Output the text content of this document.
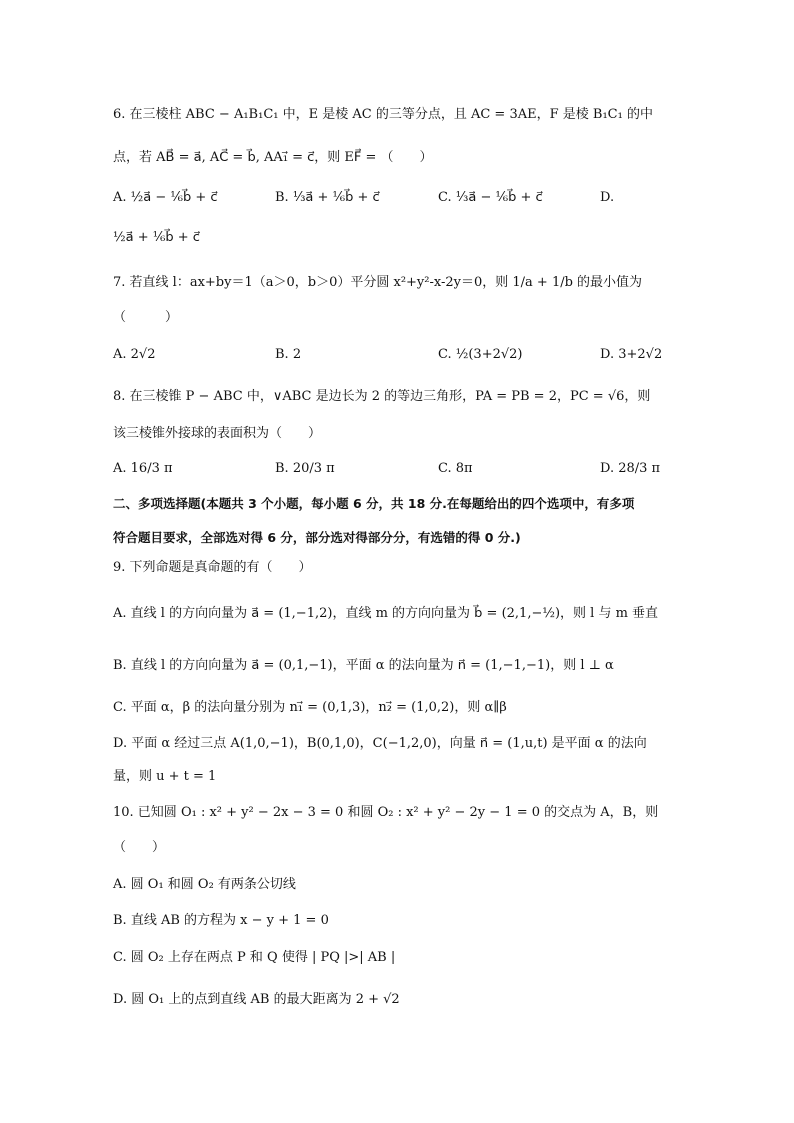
6. 在三棱柱 ABC − A₁B₁C₁ 中，E 是棱 AC 的三等分点，且 AC = 3AE，F 是棱 B₁C₁ 的中
点，若 AB⃗ = a⃗, AC⃗ = b⃗, AA₁⃗ = c⃗，则 EF⃗ = （　　）
A. ½a⃗ − ⅙b⃗ + c⃗	B. ⅓a⃗ + ⅙b⃗ + c⃗	C. ⅓a⃗ − ⅙b⃗ + c⃗	D.
½a⃗ + ⅙b⃗ + c⃗
7. 若直线 l：ax+by＝1（a＞0，b＞0）平分圆 x²+y²-x-2y＝0，则 1/a + 1/b 的最小值为
（　　　）
A. 2√2	B. 2	C. ½(3+2√2)	D. 3+2√2
8. 在三棱锥 P − ABC 中，∨ABC 是边长为 2 的等边三角形，PA = PB = 2，PC = √6，则
该三棱锥外接球的表面积为（　　）
A. 16/3 π	B. 20/3 π	C. 8π	D. 28/3 π
二、多项选择题(本题共 3 个小题，每小题 6 分，共 18 分.在每题给出的四个选项中，有多项
符合题目要求，全部选对得 6 分，部分选对得部分分，有选错的得 0 分.)
9. 下列命题是真命题的有（　　）
A. 直线 l 的方向向量为 a⃗ = (1,−1,2)，直线 m 的方向向量为 b⃗ = (2,1,−½)，则 l 与 m 垂直
B. 直线 l 的方向向量为 a⃗ = (0,1,−1)，平面 α 的法向量为 n⃗ = (1,−1,−1)，则 l ⊥ α
C. 平面 α，β 的法向量分别为 n₁⃗ = (0,1,3)，n₂⃗ = (1,0,2)，则 α∥β
D. 平面 α 经过三点 A(1,0,−1)，B(0,1,0)，C(−1,2,0)，向量 n⃗ = (1,u,t) 是平面 α 的法向
量，则 u + t = 1
10. 已知圆 O₁ : x² + y² − 2x − 3 = 0 和圆 O₂ : x² + y² − 2y − 1 = 0 的交点为 A，B，则
（　　）
A. 圆 O₁ 和圆 O₂ 有两条公切线
B. 直线 AB 的方程为 x − y + 1 = 0
C. 圆 O₂ 上存在两点 P 和 Q 使得 | PQ |>| AB |
D. 圆 O₁ 上的点到直线 AB 的最大距离为 2 + √2
